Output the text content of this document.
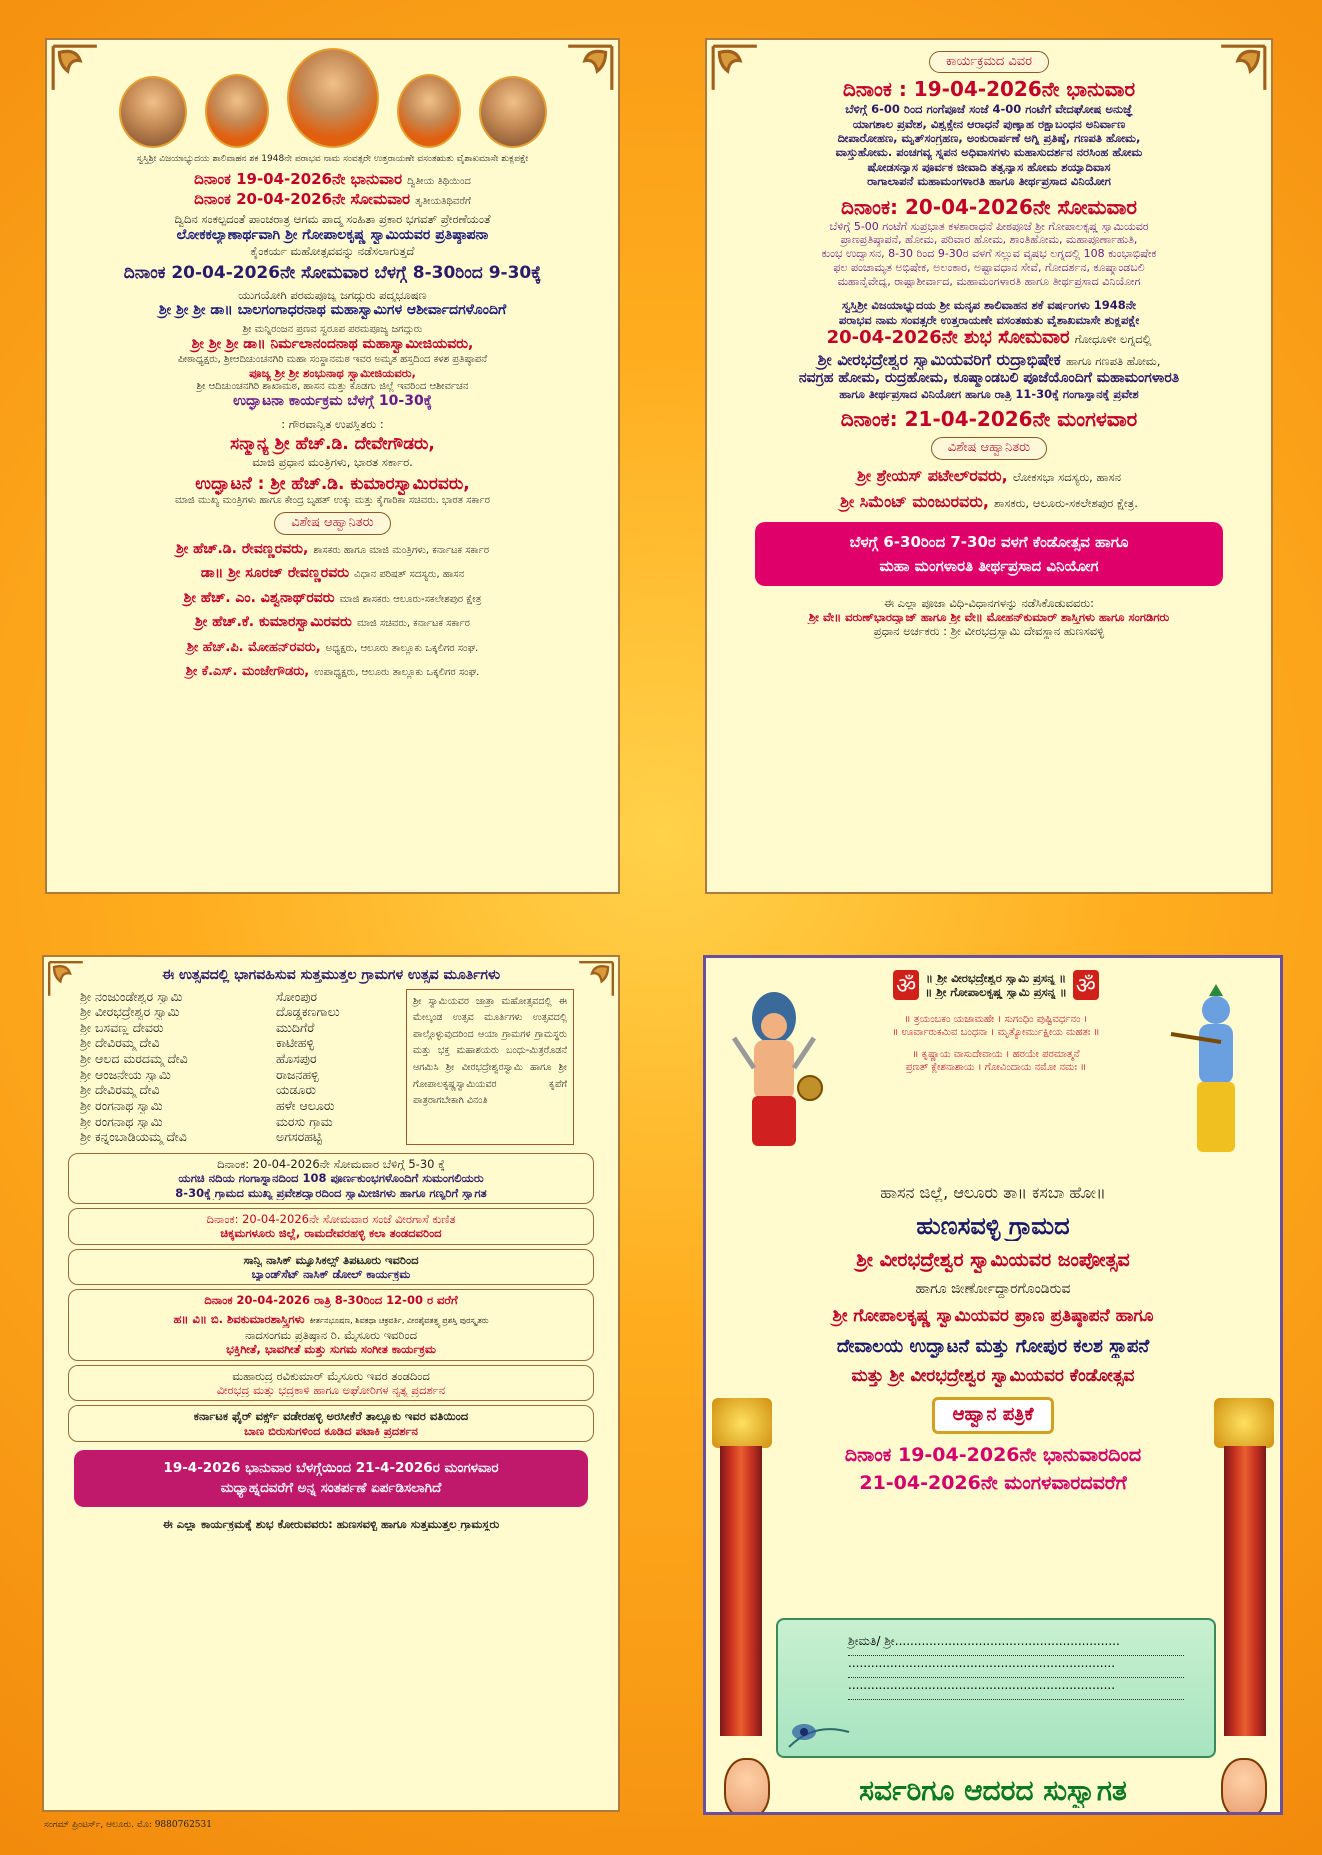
ಸ್ವಸ್ತಿಶ್ರೀ ವಿಜಯಾಭ್ಯುದಯ ಶಾಲಿವಾಹನ ಶಕ 1948ನೇ ಪರಾಭವ ನಾಮ ಸಂವತ್ಸರೇ ಉತ್ತರಾಯಣೇ ವಸಂತಋತು ವೈಶಾಖಮಾಸೇ ಶುಕ್ಲಪಕ್ಷೇ
ದಿನಾಂಕ 19-04-2026ನೇ ಭಾನುವಾರ ದ್ವಿತೀಯ ತಿಥಿಯಿಂದ
ದಿನಾಂಕ 20-04-2026ನೇ ಸೋಮವಾರ ತೃತೀಯತಿಥಿವರೆಗೆ
ದ್ವಿದಿನ ಸಂಕಲ್ಪದಂತೆ ಪಾಂಚರಾತ್ರ ಆಗಮ ಪಾದ್ಮ ಸಂಹಿತಾ ಪ್ರಕಾರ ಭಗವತ್ ಪ್ರೇರಣೆಯಂತೆ
ಲೋಕಕಲ್ಯಾಣಾರ್ಥವಾಗಿ ಶ್ರೀ ಗೋಪಾಲಕೃಷ್ಣ ಸ್ವಾಮಿಯವರ ಪ್ರತಿಷ್ಠಾಪನಾ
ಕೈಂಕರ್ಯ ಮಹೋತ್ಸವವನ್ನು ನಡೆಸಲಾಗುತ್ತದೆ
ದಿನಾಂಕ 20-04-2026ನೇ ಸೋಮವಾರ ಬೆಳಗ್ಗೆ 8-30ರಿಂದ 9-30ಕ್ಕೆ
ಯುಗಯೋಗಿ ಪರಮಪೂಜ್ಯ ಜಗದ್ಗುರು ಪದ್ಮಭೂಷಣ
ಶ್ರೀ ಶ್ರೀ ಶ್ರೀ ಡಾ॥ ಬಾಲಗಂಗಾಧರನಾಥ ಮಹಾಸ್ವಾಮಿಗಳ ಆಶೀರ್ವಾದಗಳೊಂದಿಗೆ
ಶ್ರೀ ಮನ್ನಿರಂಜನ ಪ್ರಣವ ಸ್ವರೂಪ ಪರಮಪೂಜ್ಯ ಜಗದ್ಗುರು
ಶ್ರೀ ಶ್ರೀ ಶ್ರೀ ಡಾ॥ ನಿರ್ಮಲಾನಂದನಾಥ ಮಹಾಸ್ವಾಮೀಜಿಯವರು,
ಪೀಠಾಧ್ಯಕ್ಷರು, ಶ್ರೀಆದಿಚುಂಚನಗಿರಿ ಮಹಾ ಸಂಸ್ಥಾನಮಠ ಇವರ ಅಮೃತ ಹಸ್ತದಿಂದ ಕಳಶ ಪ್ರತಿಷ್ಠಾಪನೆ
ಪೂಜ್ಯ ಶ್ರೀ ಶ್ರೀ ಶಂಭುನಾಥ ಸ್ವಾಮೀಜಿಯವರು,
ಶ್ರೀ ಆದಿಚುಂಚನಗಿರಿ ಶಾಖಾಮಠ, ಹಾಸನ ಮತ್ತು ಕೊಡಗು ಜಿಲ್ಲೆ ಇವರಿಂದ ಆಶೀರ್ವಚನ
ಉದ್ಘಾಟನಾ ಕಾರ್ಯಕ್ರಮ ಬೆಳಗ್ಗೆ 10-30ಕ್ಕೆ
: ಗೌರವಾನ್ವಿತ ಉಪಸ್ಥಿತರು :
ಸನ್ಮಾನ್ಯ ಶ್ರೀ ಹೆಚ್.ಡಿ. ದೇವೇಗೌಡರು,
ಮಾಜಿ ಪ್ರಧಾನ ಮಂತ್ರಿಗಳು, ಭಾರತ ಸರ್ಕಾರ.
ಉದ್ಘಾಟನೆ : ಶ್ರೀ ಹೆಚ್.ಡಿ. ಕುಮಾರಸ್ವಾಮಿರವರು,
ಮಾಜಿ ಮುಖ್ಯ ಮಂತ್ರಿಗಳು ಹಾಗೂ ಕೇಂದ್ರ ಬೃಹತ್ ಉಕ್ಕು ಮತ್ತು ಕೈಗಾರಿಕಾ ಸಚಿವರು. ಭಾರತ ಸರ್ಕಾರ
ವಿಶೇಷ ಆಹ್ವಾನಿತರು
ಶ್ರೀ ಹೆಚ್.ಡಿ. ರೇವಣ್ಣರವರು, ಶಾಸಕರು ಹಾಗೂ ಮಾಜಿ ಮಂತ್ರಿಗಳು, ಕರ್ನಾಟಕ ಸರ್ಕಾರ
ಡಾ॥ ಶ್ರೀ ಸೂರಜ್ ರೇವಣ್ಣರವರು ವಿಧಾನ ಪರಿಷತ್ ಸದಸ್ಯರು, ಹಾಸನ
ಶ್ರೀ ಹೆಚ್. ಎಂ. ವಿಶ್ವನಾಥ್‌ರವರು ಮಾಜಿ ಶಾಸಕರು ಆಲೂರು-ಸಕಲೇಶಪುರ ಕ್ಷೇತ್ರ
ಶ್ರೀ ಹೆಚ್.ಕೆ. ಕುಮಾರಸ್ವಾಮಿರವರು ಮಾಜಿ ಸಚಿವರು, ಕರ್ನಾಟಕ ಸರ್ಕಾರ
ಶ್ರೀ ಹೆಚ್.ಪಿ. ಮೋಹನ್‌ರವರು, ಅಧ್ಯಕ್ಷರು, ಆಲೂರು ತಾಲ್ಲೂಕು ಒಕ್ಕಲಿಗರ ಸಂಘ.
ಶ್ರೀ ಕೆ.ಎಸ್. ಮಂಜೇಗೌಡರು, ಉಪಾಧ್ಯಕ್ಷರು, ಆಲೂರು ತಾಲ್ಲೂಕು ಒಕ್ಕಲಿಗರ ಸಂಘ.
ಕಾರ್ಯಕ್ರಮದ ವಿವರ
ದಿನಾಂಕ : 19-04-2026ನೇ ಭಾನುವಾರ
ಬೆಳಿಗ್ಗೆ 6-00 ರಿಂದ ಗಂಗೆಪೂಜೆ ಸಂಜೆ 4-00 ಗಂಟೆಗೆ ವೇದಘೋಷ ಅನುಜ್ಞೆ
ಯಾಗಶಾಲ ಪ್ರವೇಶ, ವಿಶ್ವಕ್ಸೇನ ಆರಾಧನೆ ಪುಣ್ಯಾಹ ರಕ್ಷಾಬಂಧನ ಅನಿರ್ವಾಣ
ದೀಪಾರೋಹಣ, ಮೃತ್‌ಸಂಗ್ರಹಣ, ಅಂಕುರಾರ್ಪಣೆ ಅಗ್ನಿ ಪ್ರತಿಷ್ಠೆ, ಗಣಪತಿ ಹೋಮ,
ವಾಸ್ತುಹೋಮ. ಪಂಚಗವ್ಯ ಸ್ನಪನ ಅಧಿವಾಸಗಳು ಮಹಾಸುದರ್ಶನ ನರಸಿಂಹ ಹೋಮ
ಷೋಡಸನ್ಯಾಸ ಪೂರ್ವಕ ಜೀವಾದಿ ತತ್ವನ್ಯಾಸ ಹೋಮ ಶಯ್ಯಾದಿವಾಸ
ರಾಗಾಲಾಪನೆ ಮಹಾಮಂಗಳಾರತಿ ಹಾಗೂ ತೀರ್ಥಪ್ರಸಾದ ವಿನಿಯೋಗ
ದಿನಾಂಕ: 20-04-2026ನೇ ಸೋಮವಾರ
ಬೆಳಿಗ್ಗೆ 5-00 ಗಂಟೆಗೆ ಸುಪ್ರಭಾತ ಕಳಶಾರಾಧನೆ ಪೀಠಪೂಜೆ ಶ್ರೀ ಗೋಪಾಲಕೃಷ್ಣ ಸ್ವಾಮಿಯವರ
ಪ್ರಾಣಪ್ರತಿಷ್ಠಾಪನೆ, ಹೋಮ, ಪರಿವಾರ ಹೋಮ, ಶಾಂತಿಹೋಮ, ಮಹಾಪೂರ್ಣಾಹುತಿ,
ಕುಂಭ ಉದ್ವಾಸನ, 8-30 ರಿಂದ 9-30ರ ವಳಗೆ ಸಲ್ಲುವ ವೃಷಭ ಲಗ್ನದಲ್ಲಿ 108 ಕುಂಭಾಭಿಷೇಕ
ಫಲ ಪಂಚಾಮೃತ ಅಭಿಷೇಕ, ಅಲಂಕಾರ, ಅಷ್ಟಾವಧಾನ ಸೇವೆ, ಗೋದರ್ಶನ, ಕೂಷ್ಮಾಂಡಬಲಿ
ಮಹಾನೈವೇದ್ಯ, ರಾಷ್ಟ್ರಾಶೀರ್ವಾದ, ಮಹಾಮಂಗಳಾರತಿ ಹಾಗೂ ತೀರ್ಥಪ್ರಸಾದ ವಿನಿಯೋಗ
ಸ್ವಸ್ತಿಶ್ರೀ ವಿಜಯಾಭ್ಯುದಯ ಶ್ರೀ ಮನೃಪ ಶಾಲಿವಾಹನ ಶಕೆ ವರ್ಷಂಗಳು 1948ನೇ
ಪರಾಭವ ನಾಮ ಸಂವತ್ಸರೇ ಉತ್ತರಾಯಣೇ ವಸಂತಋತು ವೈಶಾಖಮಾಸೇ ಶುಕ್ಲಪಕ್ಷೇ
20-04-2026ನೇ ಶುಭ ಸೋಮವಾರ ಗೋಧೂಳೀ ಲಗ್ನದಲ್ಲಿ
ಶ್ರೀ ವೀರಭದ್ರೇಶ್ವರ ಸ್ವಾಮಿಯವರಿಗೆ ರುದ್ರಾಭಿಷೇಕ ಹಾಗೂ ಗಣಪತಿ ಹೋಮ,
ನವಗ್ರಹ ಹೋಮ, ರುದ್ರಹೋಮ, ಕೂಷ್ಮಾಂಡಬಲಿ ಪೂಜೆಯೊಂದಿಗೆ ಮಹಾಮಂಗಳಾರತಿ
ಹಾಗೂ ತೀರ್ಥಪ್ರಸಾದ ವಿನಿಯೋಗ ಹಾಗೂ ರಾತ್ರಿ 11-30ಕ್ಕೆ ಗಂಗಾಸ್ನಾನಕ್ಕೆ ಪ್ರವೇಶ
ದಿನಾಂಕ: 21-04-2026ನೇ ಮಂಗಳವಾರ
ವಿಶೇಷ ಆಹ್ವಾನಿತರು
ಶ್ರೀ ಶ್ರೇಯಸ್ ಪಟೇಲ್‌ರವರು, ಲೋಕಸಭಾ ಸದಸ್ಯರು, ಹಾಸನ
ಶ್ರೀ ಸಿಮೆಂಟ್ ಮಂಜುರವರು, ಶಾಸಕರು, ಆಲೂರು-ಸಕಲೇಶಪುರ ಕ್ಷೇತ್ರ.
ಬೆಳಗ್ಗೆ 6-30ರಿಂದ 7-30ರ ವಳಗೆ ಕೆಂಡೋತ್ಸವ ಹಾಗೂ
ಮಹಾ ಮಂಗಳಾರತಿ ತೀರ್ಥಪ್ರಸಾದ ವಿನಿಯೋಗ
ಈ ಎಲ್ಲಾ ಪೂಜಾ ವಿಧಿ-ವಿಧಾನಗಳನ್ನು ನಡೆಸಿಕೊಡುವವರು:
ಶ್ರೀ ವೇ॥ ವರುಣ್‌ಭಾರದ್ವಾಜ್ ಹಾಗೂ ಶ್ರೀ ವೇ॥ ಮೋಹನ್‌ಕುಮಾರ್ ಶಾಸ್ತ್ರಿಗಳು ಹಾಗೂ ಸಂಗಡಿಗರು
ಪ್ರಧಾನ ಅರ್ಚಕರು : ಶ್ರೀ ವೀರಭದ್ರಸ್ವಾಮಿ ದೇವಸ್ಥಾನ ಹುಣಸವಳ್ಳಿ
ಈ ಉತ್ಸವದಲ್ಲಿ ಭಾಗವಹಿಸುವ ಸುತ್ತಮುತ್ತಲ ಗ್ರಾಮಗಳ ಉತ್ಸವ ಮೂರ್ತಿಗಳು
ಶ್ರೀ ನಂಜುಂಡೇಶ್ವರ ಸ್ವಾಮಿ
ಶ್ರೀ ವೀರಭದ್ರೇಶ್ವರ ಸ್ವಾಮಿ
ಶ್ರೀ ಬಸವಣ್ಣ ದೇವರು
ಶ್ರೀ ದೇವಿರಮ್ಮ ದೇವಿ
ಶ್ರೀ ಆಲದ ಮರದಮ್ಮ ದೇವಿ
ಶ್ರೀ ಆಂಜನೇಯ ಸ್ವಾಮಿ
ಶ್ರೀ ದೇವಿರಮ್ಮ ದೇವಿ
ಶ್ರೀ ರಂಗನಾಥ ಸ್ವಾಮಿ
ಶ್ರೀ ರಂಗನಾಥ ಸ್ವಾಮಿ
ಶ್ರೀ ಕನ್ನಂಬಾಡಿಯಮ್ಮ ದೇವಿ
ಸೋಂಪುರ
ದೊಡ್ಡಕಣಗಾಲು
ಮುದಿಗೆರೆ
ಕಾಟೀಹಳ್ಳಿ
ಹೊಸಪುರ
ರಾಜನಹಳ್ಳಿ
ಯಡೂರು
ಹಳೇ ಆಲೂರು
ಮರಸು ಗ್ರಾಮ
ಅಗಸರಹಟ್ಟಿ
ಶ್ರೀ ಸ್ವಾಮಿಯವರ ಜಾತ್ರಾ ಮಹೋತ್ಸವದಲ್ಲಿ ಈ ಮೇಲ್ಕಂಡ ಉತ್ಸವ ಮೂರ್ತಿಗಳು ಉತ್ಸವದಲ್ಲಿ ಪಾಲ್ಗೊಳ್ಳುವುದರಿಂದ ಆಯಾ ಗ್ರಾಮಗಳ ಗ್ರಾಮಸ್ಥರು ಮತ್ತು ಭಕ್ತ ಮಹಾಶಯರು ಬಂಧು-ಮಿತ್ರರೊಡನೆ ಆಗಮಿಸಿ ಶ್ರೀ ವೀರಭದ್ರೇಶ್ವರಸ್ವಾಮಿ ಹಾಗೂ ಶ್ರೀ ಗೋಪಾಲಕೃಷ್ಣಸ್ವಾಮಿಯವರ ಕೃಪೆಗೆ ಪಾತ್ರರಾಗಬೇಕಾಗಿ ವಿನಂತಿ
ದಿನಾಂಕ: 20-04-2026ನೇ ಸೋಮವಾರ ಬೆಳಿಗ್ಗೆ 5-30 ಕ್ಕೆ
ಯಗಚಿ ನದಿಯ ಗಂಗಾಸ್ನಾನದಿಂದ 108 ಪೂರ್ಣಕುಂಭಗಳೊಂದಿಗೆ ಸುಮಂಗಲಿಯರು
8-30ಕ್ಕೆ ಗ್ರಾಮದ ಮುಖ್ಯ ಪ್ರವೇಶದ್ವಾರದಿಂದ ಸ್ವಾಮೀಜಿಗಳು ಹಾಗೂ ಗಣ್ಯರಿಗೆ ಸ್ವಾಗತ
ದಿನಾಂಕ: 20-04-2026ನೇ ಸೋಮವಾರ ಸಂಜೆ ವೀರಗಾಸೆ ಕುಣಿತ
ಚಿಕ್ಕಮಗಳೂರು ಜಿಲ್ಲೆ, ರಾಮದೇವರಹಳ್ಳಿ ಕಲಾ ತಂಡದವರಿಂದ
ಸಾನ್ವಿ ನಾಸಿಕ್ ಮ್ಯೂಸಿಕಲ್ಸ್ ತಿಪಟೂರು ಇವರಿಂದ
ಬ್ಯಾಂಡ್‌ಸೆಟ್ ನಾಸಿಕ್ ಡೋಲ್ ಕಾರ್ಯಕ್ರಮ
ದಿನಾಂಕ 20-04-2026 ರಾತ್ರಿ 8-30ರಿಂದ 12-00 ರ ವರೆಗೆ
ಹ॥ ವಿ॥ ಬಿ. ಶಿವಕುಮಾರಶಾಸ್ತ್ರಿಗಳು ಕೀರ್ತನಭೂಷಣ, ಶಿವಕಥಾ ಚಕ್ರವರ್ತಿ, ವೀರಶೈವತತ್ತ್ವ ಪ್ರಶಸ್ತಿ ಪುರಸ್ಕೃತರು
ನಾದಸಂಗಮ ಪ್ರತಿಷ್ಠಾನ ರಿ. ಮೈಸೂರು ಇವರಿಂದ
ಭಕ್ತಿಗೀತೆ, ಭಾವಗೀತೆ ಮತ್ತು ಸುಗಮ ಸಂಗೀತ ಕಾರ್ಯಕ್ರಮ
ಮಹಾರುದ್ರ ರವಿಕುಮಾರ್ ಮೈಸೂರು ಇವರ ತಂಡದಿಂದ
ವೀರಭದ್ರ ಮತ್ತು ಭದ್ರಕಾಳಿ ಹಾಗೂ ಅಘೋರಿಗಳ ನೃತ್ಯ ಪ್ರದರ್ಶನ
ಕರ್ನಾಟಕ ಫೈರ್ ವರ್ಕ್ಸ್ ವಡೇರಹಳ್ಳಿ ಅರಸೀಕೆರೆ ತಾಲ್ಲೂಕು ಇವರ ವತಿಯಿಂದ
ಬಾಣ ಬಿರುಸುಗಳಿಂದ ಕೂಡಿದ ಪಟಾಕಿ ಪ್ರದರ್ಶನ
19-4-2026 ಭಾನುವಾರ ಬೆಳಗ್ಗೆಯಿಂದ 21-4-2026ರ ಮಂಗಳವಾರ
ಮಧ್ಯಾಹ್ನದವರೆಗೆ ಅನ್ನ ಸಂತರ್ಪಣೆ ಏರ್ಪಡಿಸಲಾಗಿದೆ
ಈ ಎಲ್ಲಾ ಕಾರ್ಯಕ್ರಮಕ್ಕೆ ಶುಭ ಕೋರುವವರು: ಹುಣಸವಳ್ಳಿ ಹಾಗೂ ಸುತ್ತಮುತ್ತಲ ಗ್ರಾಮಸ್ಥರು
ಸಂಗಮ್ ಪ್ರಿಂಟರ್ಸ್, ಆಲೂರು. ಮೊ: 9880762531
ॐ ॥ ಶ್ರೀ ವೀರಭದ್ರೇಶ್ವರ ಸ್ವಾಮಿ ಪ್ರಸನ್ನ ॥
॥ ಶ್ರೀ ಗೋಪಾಲಕೃಷ್ಣ ಸ್ವಾಮಿ ಪ್ರಸನ್ನ ॥ ॐ
॥ ತ್ರಯಂಬಕಂ ಯಜಾಮಹೇ । ಸುಗಂಧಿಂ ಪುಷ್ಟಿವರ್ಧನಂ ।
॥ ಊರ್ವಾರುಕಮಿವ ಬಂಧನಾ । ಮೃತ್ಯೋರ್ಮುಕ್ಷೀಯ ಮಹತಃ ॥
॥ ಕೃಷ್ಣಾಯ ವಾಸುದೇವಾಯ । ಹರಯೇ ಪರಮಾತ್ಮನೆ
ಪ್ರಣತ್ ಕ್ಲೇಶನಾಶಾಯ । ಗೋವಿಂದಾಯ ನಮೋ ನಮಃ ॥
ಹಾಸನ ಜಿಲ್ಲೆ, ಆಲೂರು ತಾ॥ ಕಸಬಾ ಹೋ॥
ಹುಣಸವಳ್ಳಿ ಗ್ರಾಮದ
ಶ್ರೀ ವೀರಭದ್ರೇಶ್ವರ ಸ್ವಾಮಿಯವರ ಜಂಪೋತ್ಸವ
ಹಾಗೂ ಜೀರ್ಣೋದ್ಧಾರಗೊಂಡಿರುವ
ಶ್ರೀ ಗೋಪಾಲಕೃಷ್ಣ ಸ್ವಾಮಿಯವರ ಪ್ರಾಣ ಪ್ರತಿಷ್ಠಾಪನೆ ಹಾಗೂ
ದೇವಾಲಯ ಉದ್ಘಾಟನೆ ಮತ್ತು ಗೋಪುರ ಕಲಶ ಸ್ಥಾಪನೆ
ಮತ್ತು ಶ್ರೀ ವೀರಭದ್ರೇಶ್ವರ ಸ್ವಾಮಿಯವರ ಕೆಂಡೋತ್ಸವ
ಆಹ್ವಾನ ಪತ್ರಿಕೆ
ದಿನಾಂಕ 19-04-2026ನೇ ಭಾನುವಾರದಿಂದ
21-04-2026ನೇ ಮಂಗಳವಾರದವರೆಗೆ
ಶ್ರೀಮತಿ/ ಶ್ರೀ...........................................................
......................................................................
......................................................................
ಸರ್ವರಿಗೂ ಆದರದ ಸುಸ್ವಾಗತ
